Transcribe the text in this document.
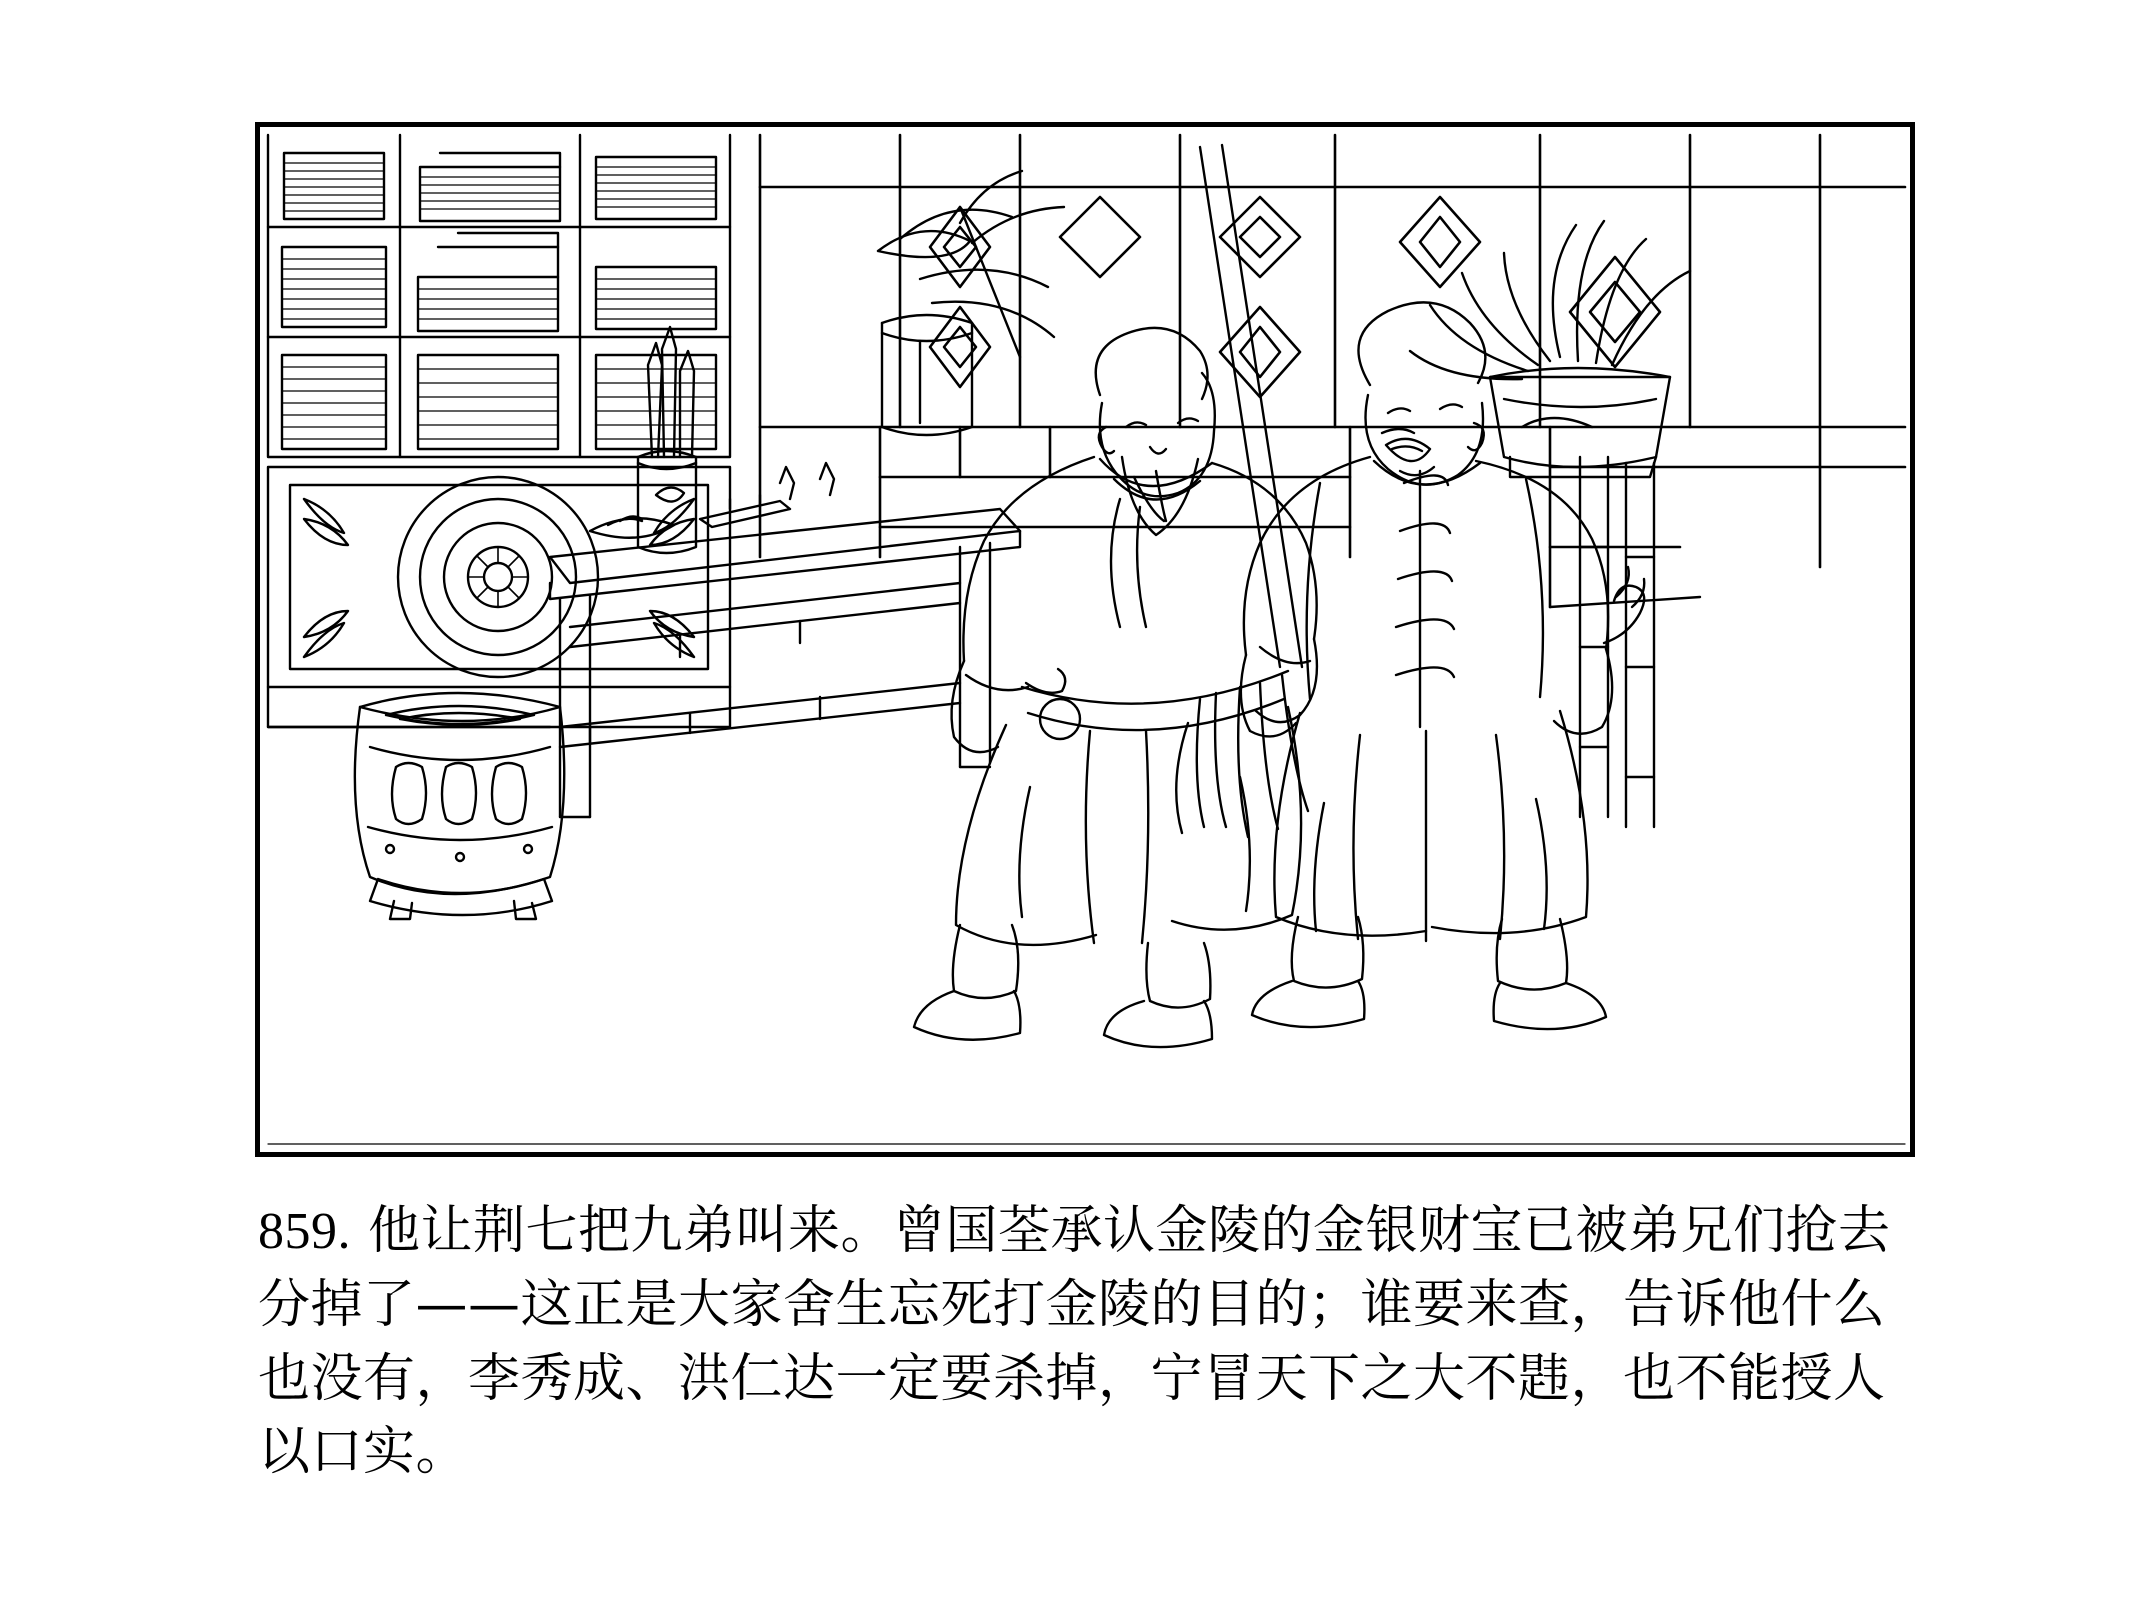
859. 他让荆七把九弟叫来。曾国荃承认金陵的金银财宝已被弟兄们抢去分掉了——这正是大家舍生忘死打金陵的目的；谁要来查，告诉他什么也没有，李秀成、洪仁达一定要杀掉，宁冒天下之大不韪，也不能授人以口实。
